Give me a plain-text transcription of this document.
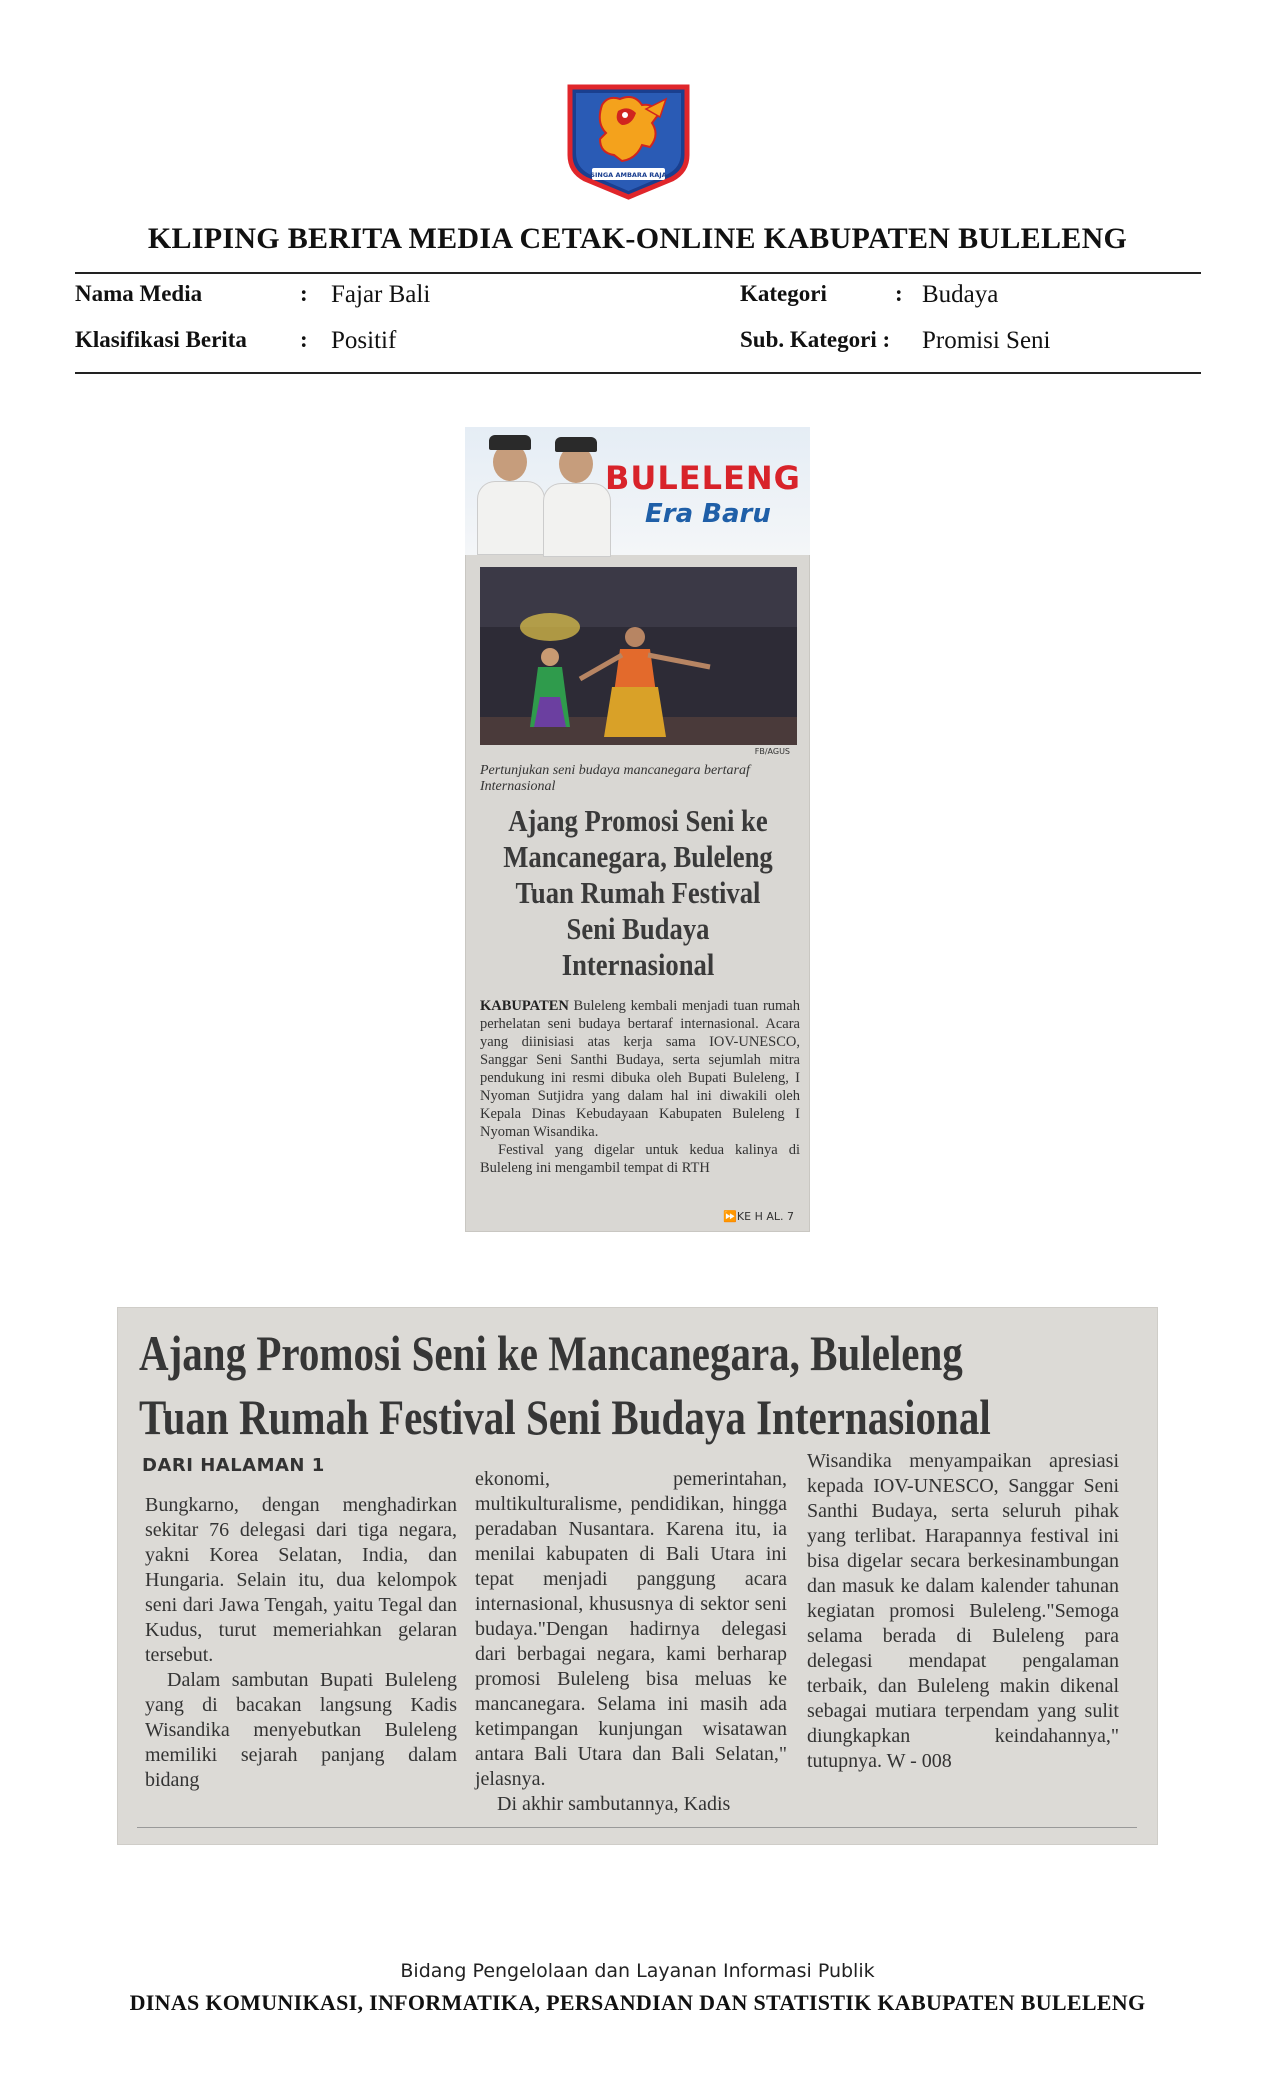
SINGA AMBARA RAJA
KLIPING BERITA MEDIA CETAK-ONLINE KABUPATEN BULELENG
Nama Media	: Fajar Bali	Kategori	: Budaya
Klasifikasi Berita : Positif	Sub. Kategori : Promisi Seni
BULELENG
Era Baru
FB/AGUS
Pertunjukan seni budaya mancanegara bertaraf Internasional
Ajang Promosi Seni ke Mancanegara, Buleleng Tuan Rumah Festival Seni Budaya Internasional

KABUPATEN Buleleng kembali menjadi tuan rumah perhelatan seni budaya bertaraf internasional. Acara yang diinisiasi atas kerja sama IOV-UNESCO, Sanggar Seni Santhi Budaya, serta sejumlah mitra pendukung ini resmi dibuka oleh Bupati Buleleng, I Nyoman Sutjidra yang dalam hal ini diwakili oleh Kepala Dinas Kebudayaan Kabupaten Buleleng I Nyoman Wisandika.

Festival yang digelar untuk kedua kalinya di Buleleng ini mengambil tempat di RTH

⏩KE H AL. 7
Ajang Promosi Seni ke Mancanegara, Buleleng
Tuan Rumah Festival Seni Budaya Internasional
DARI HALAMAN 1

Bungkarno, dengan menghadirkan sekitar 76 delegasi dari tiga negara, yakni Korea Selatan, India, dan Hungaria. Selain itu, dua kelompok seni dari Jawa Tengah, yaitu Tegal dan Kudus, turut memeriahkan gelaran tersebut.

Dalam sambutan Bupati Buleleng yang di bacakan langsung Kadis Wisandika menyebutkan Buleleng memiliki sejarah panjang dalam bidang

ekonomi, pemerintahan, multikulturalisme, pendidikan, hingga peradaban Nusantara. Karena itu, ia menilai kabupaten di Bali Utara ini tepat menjadi panggung acara internasional, khususnya di sektor seni budaya."Dengan hadirnya delegasi dari berbagai negara, kami berharap promosi Buleleng bisa meluas ke mancanegara. Selama ini masih ada ketimpangan kunjungan wisatawan antara Bali Utara dan Bali Selatan," jelasnya.

Di akhir sambutannya, Kadis

Wisandika menyampaikan apresiasi kepada IOV-UNESCO, Sanggar Seni Santhi Budaya, serta seluruh pihak yang terlibat. Harapannya festival ini bisa digelar secara berkesinambungan dan masuk ke dalam kalender tahunan kegiatan promosi Buleleng."Semoga selama berada di Buleleng para delegasi mendapat pengalaman terbaik, dan Buleleng makin dikenal sebagai mutiara terpendam yang sulit diungkapkan keindahannya," tutupnya. W - 008

Bidang Pengelolaan dan Layanan Informasi Publik
DINAS KOMUNIKASI, INFORMATIKA, PERSANDIAN DAN STATISTIK KABUPATEN BULELENG
